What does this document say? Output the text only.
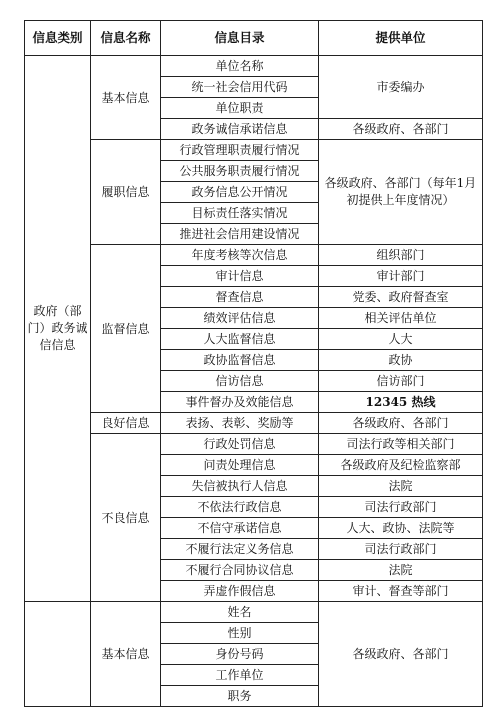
信息类别	信息名称	信息目录	提供单位
政府（部门）政务诚信信息	基本信息	单位名称	市委编办
		统一社会信用代码	
		单位职责	
		政务诚信承诺信息	各级政府、各部门
	履职信息	行政管理职责履行情况	各级政府、各部门（每年1月初提供上年度情况）
		公共服务职责履行情况	
		政务信息公开情况	
		目标责任落实情况	
		推进社会信用建设情况	
	监督信息	年度考核等次信息	组织部门
		审计信息	审计部门
		督查信息	党委、政府督查室
		绩效评估信息	相关评估单位
		人大监督信息	人大
		政协监督信息	政协
		信访信息	信访部门
		事件督办及效能信息	12345 热线
	良好信息	表扬、表彰、奖励等	各级政府、各部门
	不良信息	行政处罚信息	司法行政等相关部门
		问责处理信息	各级政府及纪检监察部
		失信被执行人信息	法院
		不依法行政信息	司法行政部门
		不信守承诺信息	人大、政协、法院等
		不履行法定义务信息	司法行政部门
		不履行合同协议信息	法院
		弄虚作假信息	审计、督查等部门
	基本信息	姓名	各级政府、各部门
		性别	
		身份号码	
		工作单位	
		职务	
